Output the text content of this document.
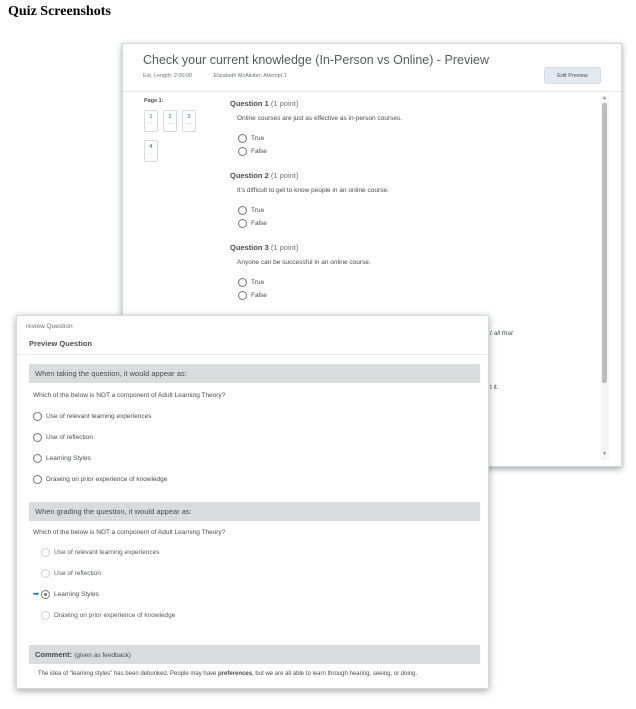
Quiz Screenshots
Check your current knowledge (In-Person vs Online) - Preview
Est. Length: 2:00:00	Elizabeth McAlister: Attempt 1	Edit Preview
Page 1:
1
--
2
--
3
--
4
--
Question 1 (1 point)
Online courses are just as effective as in-person courses.
True
False
Question 2 (1 point)
It's difficult to get to know people in an online course.
True
False
Question 3 (1 point)
Anyone can be successful in an online course.
True
False
t all that
t it.
▲
▼
review Question
Preview Question
When taking the question, it would appear as:
Which of the below is NOT a component of Adult Learning Theory?
Use of relevant learning experiences
Use of reflection
Learning Styles
Drawing on prior experience of knowledge
When grading the question, it would appear as:
Which of the below is NOT a component of Adult Learning Theory?
Use of relevant learning experiences
Use of reflection
➡ Learning Styles
Drawing on prior experience of knowledge
Comment: (given as feedback)
The idea of "learning styles" has been debunked. People may have preferences, but we are all able to learn through hearing, seeing, or doing.
